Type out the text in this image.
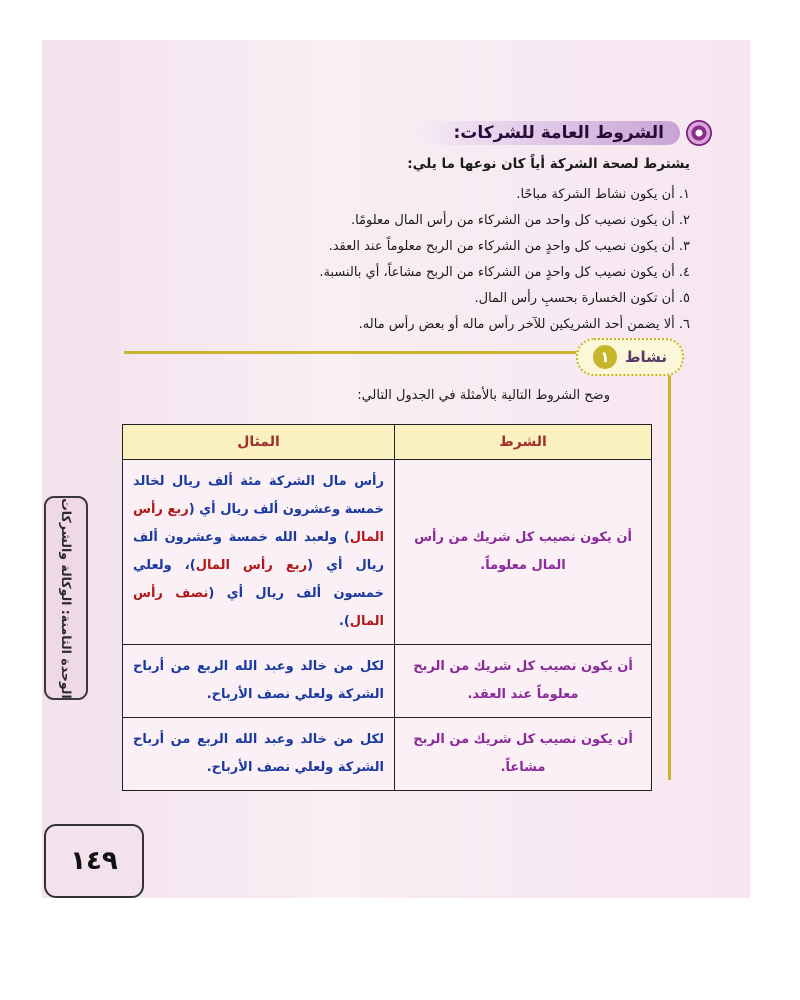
الشروط العامة للشركات:
يشترط لصحة الشركة أياً كان نوعها ما يلي:
١. أن يكون نشاط الشركة مباحًا.
٢. أن يكون نصيب كل واحد من الشركاء من رأس المال معلومًا.
٣. أن يكون نصيب كل واحدٍ من الشركاء من الربح معلوماً عند العقد.
٤. أن يكون نصيب كل واحدٍ من الشركاء من الربح مشاعاً، أي بالنسبة.
٥. أن تكون الخسارة بحسبِ رأس المال.
٦. ألا يضمن أحد الشريكين للآخر رأس ماله أو بعض رأس ماله.
نشاط
١
وضح الشروط التالية بالأمثلة في الجدول التالي:
الشرط	المثال
أن يكون نصيب كل شريك من رأس المال معلوماً.	رأس مال الشركة مئة ألف ريال لخالد خمسة وعشرون ألف ريال أي (ربع رأس المال) ولعبد الله خمسة وعشرون ألف ريال أي (ربع رأس المال)، ولعلي خمسون ألف ريال أي (نصف رأس المال).
أن يكون نصيب كل شريك من الربح معلوماً عند العقد.	لكل من خالد وعبد الله الربع من أرباح الشركة ولعلي نصف الأرباح.
أن يكون نصيب كل شريك من الربح مشاعاً.	لكل من خالد وعبد الله الربع من أرباح الشركة ولعلي نصف الأرباح.
الوحدة الثامنة: الوكالة والشركات
١٤٩
